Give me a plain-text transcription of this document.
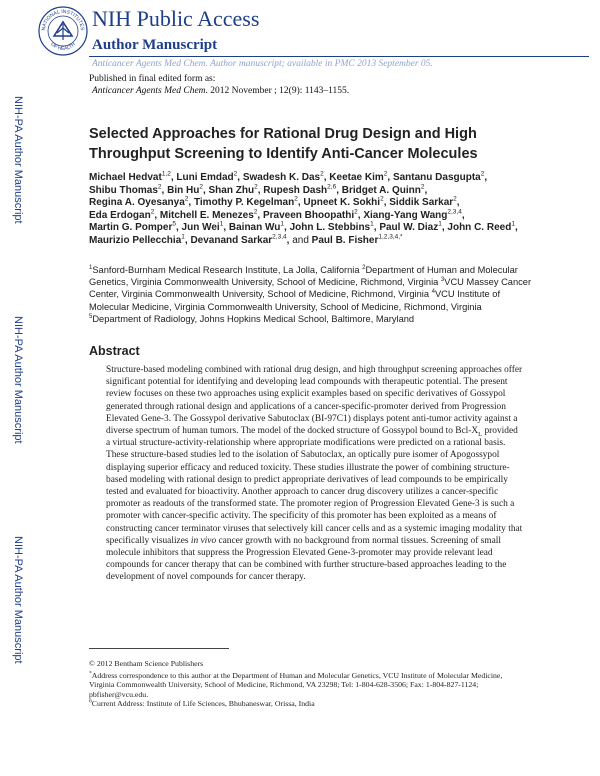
NATIONAL INSTITUTES
OF HEALTH
NIH Public Access
Author Manuscript
Anticancer Agents Med Chem. Author manuscript; available in PMC 2013 September 05.
NIH-PA Author Manuscript
NIH-PA Author Manuscript
NIH-PA Author Manuscript
Published in final edited form as:
Anticancer Agents Med Chem. 2012 November ; 12(9): 1143–1155.
Selected Approaches for Rational Drug Design and High Throughput Screening to Identify Anti-Cancer Molecules
Michael Hedvat$^{1,2}$, Luni Emdad$^2$, Swadesh K. Das$^2$, Keetae Kim$^2$, Santanu Dasgupta$^2$, Shibu Thomas$^2$, Bin Hu$^2$, Shan Zhu$^2$, Rupesh Dash$^{2,6}$, Bridget A. Quinn$^2$, Regina A. Oyesanya$^2$, Timothy P. Kegelman$^2$, Upneet K. Sokhi$^2$, Siddik Sarkar$^2$, Eda Erdogan$^2$, Mitchell E. Menezes$^2$, Praveen Bhoopathi$^2$, Xiang-Yang Wang$^{2,3,4}$, Martin G. Pomper$^5$, Jun Wei$^1$, Bainan Wu$^1$, John L. Stebbins$^1$, Paul W. Diaz$^1$, John C. Reed$^1$, Maurizio Pellecchia$^1$, Devanand Sarkar$^{2,3,4}$, and Paul B. Fisher$^{1,2,3,4,*}$
$^1$Sanford-Burnham Medical Research Institute, La Jolla, California $^2$Department of Human and Molecular Genetics, Virginia Commonwealth University, School of Medicine, Richmond, Virginia $^3$VCU Massey Cancer Center, Virginia Commonwealth University, School of Medicine, Richmond, Virginia $^4$VCU Institute of Molecular Medicine, Virginia Commonwealth University, School of Medicine, Richmond, Virginia $^5$Department of Radiology, Johns Hopkins Medical School, Baltimore, Maryland
Abstract
Structure-based modeling combined with rational drug design, and high throughput screening approaches offer significant potential for identifying and developing lead compounds with therapeutic potential. The present review focuses on these two approaches using explicit examples based on specific derivatives of Gossypol generated through rational design and applications of a cancer-specific-promoter derived from Progression Elevated Gene-3. The Gossypol derivative Sabutoclax (BI-97C1) displays potent anti-tumor activity against a diverse spectrum of human tumors. The model of the docked structure of Gossypol bound to Bcl-$X_L$ provided a virtual structure-activity-relationship where appropriate modifications were predicted on a rational basis. These structure-based studies led to the isolation of Sabutoclax, an optically pure isomer of Apogossypol displaying superior efficacy and reduced toxicity. These studies illustrate the power of combining structure-based modeling with rational design to predict appropriate derivatives of lead compounds to be empirically tested and evaluated for bioactivity. Another approach to cancer drug discovery utilizes a cancer-specific promoter as readouts of the transformed state. The promoter region of Progression Elevated Gene-3 is such a promoter with cancer-specific activity. The specificity of this promoter has been exploited as a means of constructing cancer terminator viruses that selectively kill cancer cells and as a systemic imaging modality that specifically visualizes in vivo cancer growth with no background from normal tissues. Screening of small molecule inhibitors that suppress the Progression Elevated Gene-3-promoter may provide relevant lead compounds for cancer therapy that can be combined with further structure-based approaches leading to the development of novel compounds for cancer therapy.
© 2012 Bentham Science Publishers
*Address correspondence to this author at the Department of Human and Molecular Genetics, VCU Institute of Molecular Medicine, Virginia Commonwealth University, School of Medicine, Richmond, VA 23298; Tel: 1-804-628-3506; Fax: 1-804-827-1124; pbfisher@vcu.edu.
$^6$Current Address: Institute of Life Sciences, Bhubaneswar, Orissa, India
